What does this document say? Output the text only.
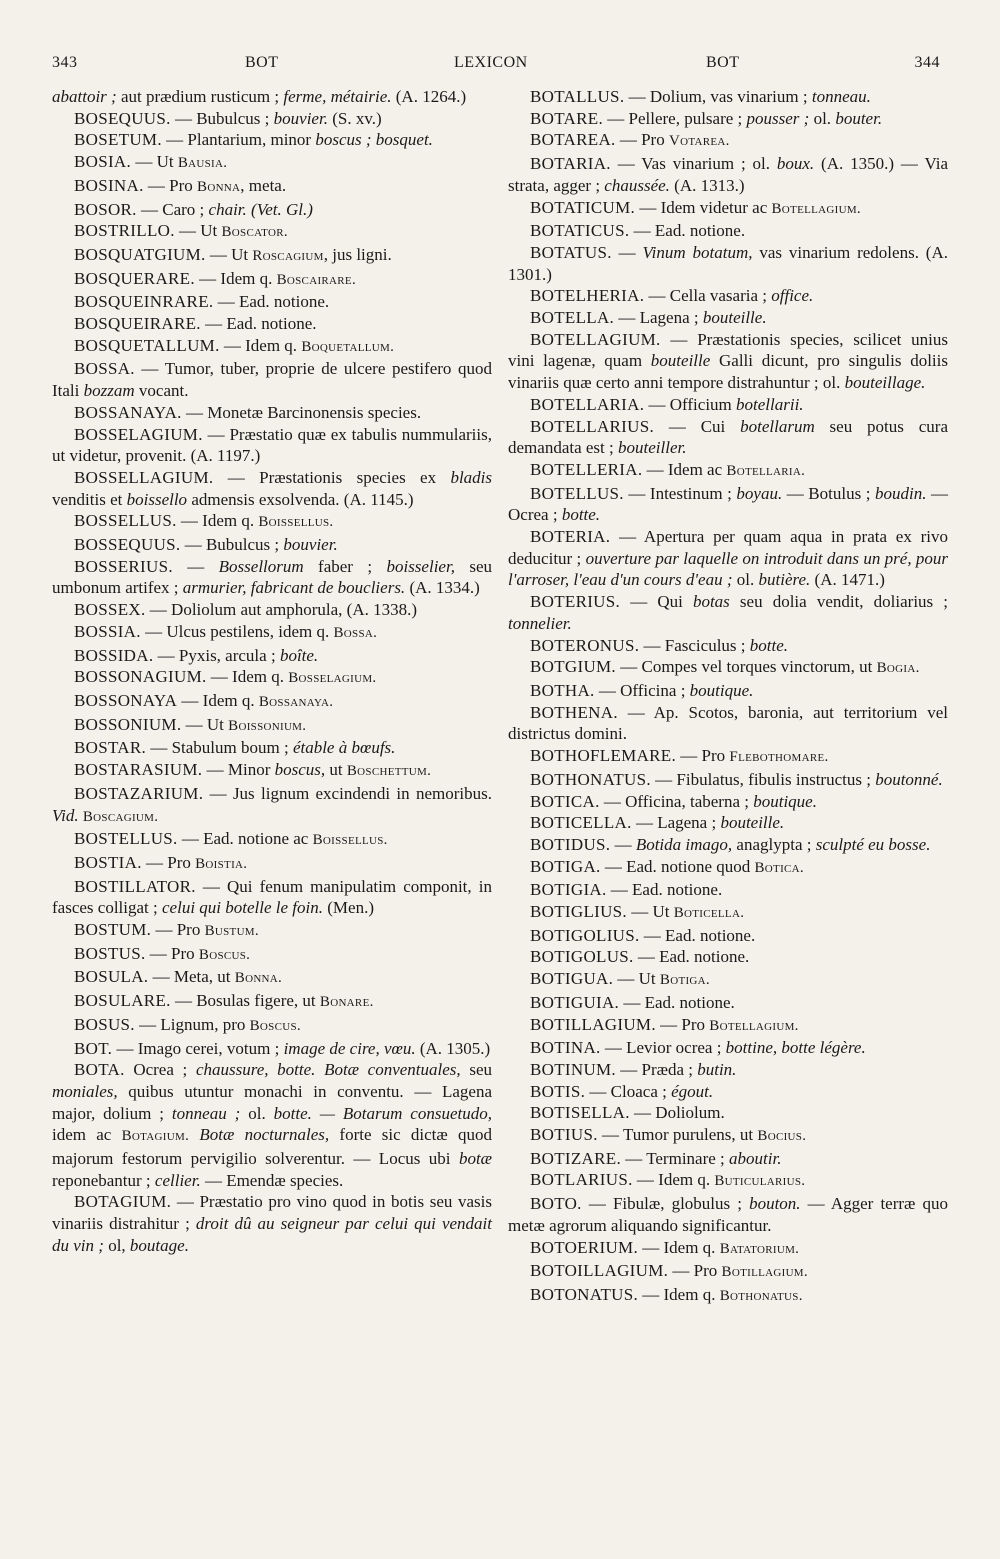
343	BOT	LEXICON	BOT	344

abattoir ; aut prædium rusticum ; ferme, métairie. (A. 1264.)

BOSEQUUS. — Bubulcus ; bouvier. (S. xv.)

BOSETUM. — Plantarium, minor boscus ; bosquet.

BOSIA. — Ut Bausia.

BOSINA. — Pro Bonna, meta.

BOSOR. — Caro ; chair. (Vet. Gl.)

BOSTRILLO. — Ut Boscator.

BOSQUATGIUM. — Ut Roscagium, jus ligni.

BOSQUERARE. — Idem q. Boscairare.

BOSQUEINRARE. — Ead. notione.

BOSQUEIRARE. — Ead. notione.

BOSQUETALLUM. — Idem q. Boquetallum.

BOSSA. — Tumor, tuber, proprie de ulcere pestifero quod Itali bozzam vocant.

BOSSANAYA. — Monetæ Barcinonensis species.

BOSSELAGIUM. — Præstatio quæ ex tabulis nummulariis, ut videtur, provenit. (A. 1197.)

BOSSELLAGIUM. — Præstationis species ex bladis venditis et boissello admensis exsolvenda. (A. 1145.)

BOSSELLUS. — Idem q. Boissellus.

BOSSEQUUS. — Bubulcus ; bouvier.

BOSSERIUS. — Bossellorum faber ; boisselier, seu umbonum artifex ; armurier, fabricant de boucliers. (A. 1334.)

BOSSEX. — Doliolum aut amphorula, (A. 1338.)

BOSSIA. — Ulcus pestilens, idem q. Bossa.

BOSSIDA. — Pyxis, arcula ; boîte.

BOSSONAGIUM. — Idem q. Bosselagium.

BOSSONAYA — Idem q. Bossanaya.

BOSSONIUM. — Ut Boissonium.

BOSTAR. — Stabulum boum ; étable à bœufs.

BOSTARASIUM. — Minor boscus, ut Boschettum.

BOSTAZARIUM. — Jus lignum excindendi in nemoribus. Vid. Boscagium.

BOSTELLUS. — Ead. notione ac Boissellus.

BOSTIA. — Pro Boistia.

BOSTILLATOR. — Qui fenum manipulatim componit, in fasces colligat ; celui qui botelle le foin. (Men.)

BOSTUM. — Pro Bustum.

BOSTUS. — Pro Boscus.

BOSULA. — Meta, ut Bonna.

BOSULARE. — Bosulas figere, ut Bonare.

BOSUS. — Lignum, pro Boscus.

BOT. — Imago cerei, votum ; image de cire, vœu. (A. 1305.)

BOTA. Ocrea ; chaussure, botte. Botæ conventuales, seu moniales, quibus utuntur monachi in conventu. — Lagena major, dolium ; tonneau ; ol. botte. — Botarum consuetudo, idem ac Botagium. Botæ nocturnales, forte sic dictæ quod majorum festorum pervigilio solverentur. — Locus ubi botæ reponebantur ; cellier. — Emendæ species.

BOTAGIUM. — Præstatio pro vino quod in botis seu vasis vinariis distrahitur ; droit dû au seigneur par celui qui vendait du vin ; ol, boutage.

BOTALLUS. — Dolium, vas vinarium ; tonneau.

BOTARE. — Pellere, pulsare ; pousser ; ol. bouter.

BOTAREA. — Pro Votarea.

BOTARIA. — Vas vinarium ; ol. boux. (A. 1350.) — Via strata, agger ; chaussée. (A. 1313.)

BOTATICUM. — Idem videtur ac Botellagium.

BOTATICUS. — Ead. notione.

BOTATUS. — Vinum botatum, vas vinarium redolens. (A. 1301.)

BOTELHERIA. — Cella vasaria ; office.

BOTELLA. — Lagena ; bouteille.

BOTELLAGIUM. — Præstationis species, scilicet unius vini lagenæ, quam bouteille Galli dicunt, pro singulis doliis vinariis quæ certo anni tempore distrahuntur ; ol. bouteillage.

BOTELLARIA. — Officium botellarii.

BOTELLARIUS. — Cui botellarum seu potus cura demandata est ; bouteiller.

BOTELLERIA. — Idem ac Botellaria.

BOTELLUS. — Intestinum ; boyau. — Botulus ; boudin. — Ocrea ; botte.

BOTERIA. — Apertura per quam aqua in prata ex rivo deducitur ; ouverture par laquelle on introduit dans un pré, pour l'arroser, l'eau d'un cours d'eau ; ol. butière. (A. 1471.)

BOTERIUS. — Qui botas seu dolia vendit, doliarius ; tonnelier.

BOTERONUS. — Fasciculus ; botte.

BOTGIUM. — Compes vel torques vinctorum, ut Bogia.

BOTHA. — Officina ; boutique.

BOTHENA. — Ap. Scotos, baronia, aut territorium vel districtus domini.

BOTHOFLEMARE. — Pro Flebothomare.

BOTHONATUS. — Fibulatus, fibulis instructus ; boutonné.

BOTICA. — Officina, taberna ; boutique.

BOTICELLA. — Lagena ; bouteille.

BOTIDUS. — Botida imago, anaglypta ; sculpté eu bosse.

BOTIGA. — Ead. notione quod Botica.

BOTIGIA. — Ead. notione.

BOTIGLIUS. — Ut Boticella.

BOTIGOLIUS. — Ead. notione.

BOTIGOLUS. — Ead. notione.

BOTIGUA. — Ut Botiga.

BOTIGUIA. — Ead. notione.

BOTILLAGIUM. — Pro Botellagium.

BOTINA. — Levior ocrea ; bottine, botte légère.

BOTINUM. — Præda ; butin.

BOTIS. — Cloaca ; égout.

BOTISELLA. — Doliolum.

BOTIUS. — Tumor purulens, ut Bocius.

BOTIZARE. — Terminare ; aboutir.

BOTLARIUS. — Idem q. Buticularius.

BOTO. — Fibulæ, globulus ; bouton. — Agger terræ quo metæ agrorum aliquando significantur.

BOTOERIUM. — Idem q. Batatorium.

BOTOILLAGIUM. — Pro Botillagium.

BOTONATUS. — Idem q. Bothonatus.
